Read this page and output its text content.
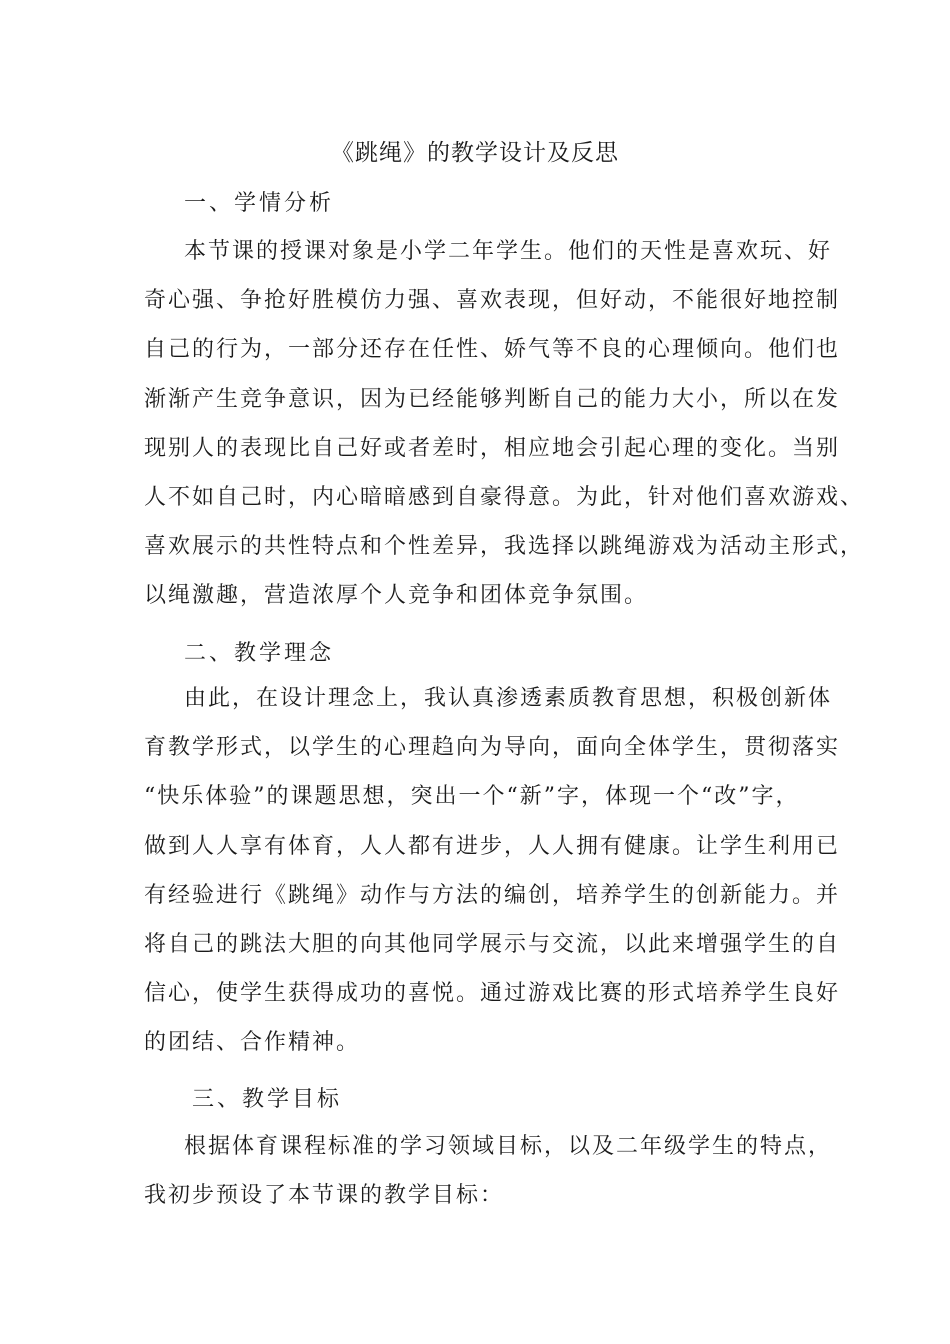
《跳绳》的教学设计及反思
一、学情分析
本节课的授课对象是小学二年学生。他们的天性是喜欢玩、好
奇心强、争抢好胜模仿力强、喜欢表现，但好动，不能很好地控制
自己的行为，一部分还存在任性、娇气等不良的心理倾向。他们也
渐渐产生竞争意识，因为已经能够判断自己的能力大小，所以在发
现别人的表现比自己好或者差时，相应地会引起心理的变化。当别
人不如自己时，内心暗暗感到自豪得意。为此，针对他们喜欢游戏、
喜欢展示的共性特点和个性差异，我选择以跳绳游戏为活动主形式，
以绳激趣，营造浓厚个人竞争和团体竞争氛围。
二、教学理念
由此，在设计理念上，我认真渗透素质教育思想，积极创新体
育教学形式，以学生的心理趋向为导向，面向全体学生，贯彻落实
“快乐体验”的课题思想，突出一个“新”字，体现一个“改”字，
做到人人享有体育，人人都有进步，人人拥有健康。让学生利用已
有经验进行《跳绳》动作与方法的编创，培养学生的创新能力。并
将自己的跳法大胆的向其他同学展示与交流，以此来增强学生的自
信心，使学生获得成功的喜悦。通过游戏比赛的形式培养学生良好
的团结、合作精神。
三、教学目标
根据体育课程标准的学习领域目标，以及二年级学生的特点，
我初步预设了本节课的教学目标：
